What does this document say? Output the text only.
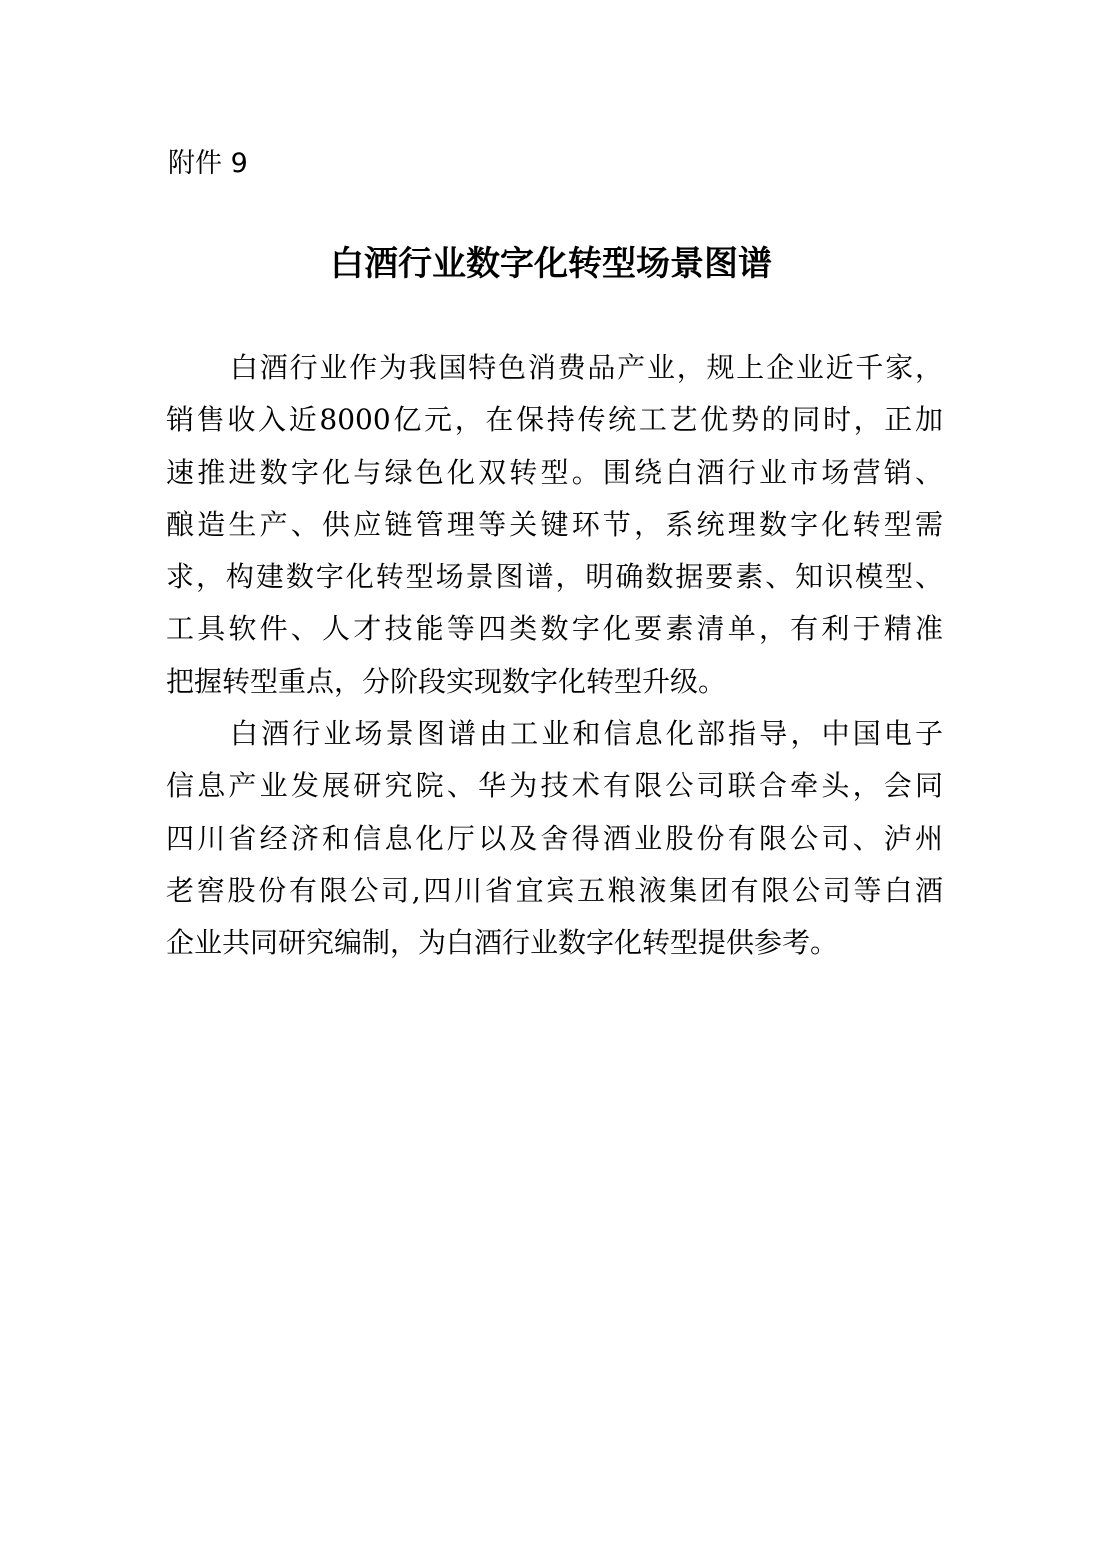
附件 9
白酒行业数字化转型场景图谱
白酒行业作为我国特色消费品产业，规上企业近千家，
销售收入近8000亿元，在保持传统工艺优势的同时，正加
速推进数字化与绿色化双转型。围绕白酒行业市场营销、
酿造生产、供应链管理等关键环节，系统理数字化转型需
求，构建数字化转型场景图谱，明确数据要素、知识模型、
工具软件、人才技能等四类数字化要素清单，有利于精准
把握转型重点，分阶段实现数字化转型升级。
白酒行业场景图谱由工业和信息化部指导，中国电子
信息产业发展研究院、华为技术有限公司联合牵头，会同
四川省经济和信息化厅以及舍得酒业股份有限公司、泸州
老窖股份有限公司,四川省宜宾五粮液集团有限公司等白酒
企业共同研究编制，为白酒行业数字化转型提供参考。
